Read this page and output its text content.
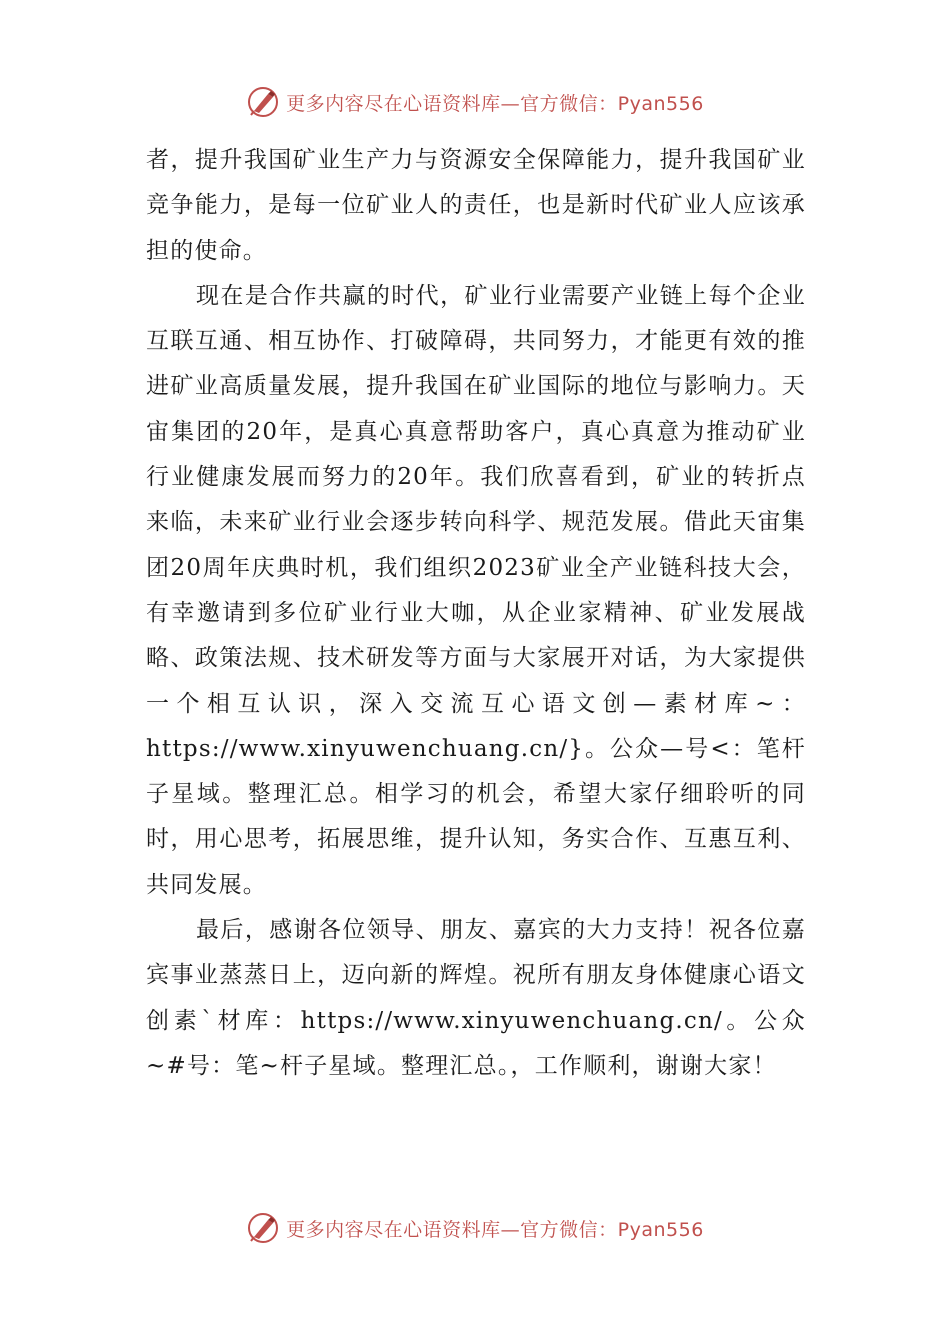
更多内容尽在心语资料库—官方微信：Pyan556

者，提升我国矿业生产力与资源安全保障能力，提升我国矿业竞争能力，是每一位矿业人的责任，也是新时代矿业人应该承担的使命。

现在是合作共赢的时代，矿业行业需要产业链上每个企业互联互通、相互协作、打破障碍，共同努力，才能更有效的推进矿业高质量发展，提升我国在矿业国际的地位与影响力。天宙集团的20年，是真心真意帮助客户，真心真意为推动矿业行业健康发展而努力的20年。我们欣喜看到，矿业的转折点来临，未来矿业行业会逐步转向科学、规范发展。借此天宙集团20周年庆典时机，我们组织2023矿业全产业链科技大会，有幸邀请到多位矿业行业大咖，从企业家精神、矿业发展战略、政策法规、技术研发等方面与大家展开对话，为大家提供一个相互认识，深入交流互心语文创—素材库~：https://www.xinyuwenchuang.cn/}。公众—号<：笔杆子星域。整理汇总。相学习的机会，希望大家仔细聆听的同时，用心思考，拓展思维，提升认知，务实合作、互惠互利、共同发展。

最后，感谢各位领导、朋友、嘉宾的大力支持！祝各位嘉宾事业蒸蒸日上，迈向新的辉煌。祝所有朋友身体健康心语文创素`材库：https://www.xinyuwenchuang.cn/。公众~#号：笔~杆子星域。整理汇总。，工作顺利，谢谢大家！

更多内容尽在心语资料库—官方微信：Pyan556
